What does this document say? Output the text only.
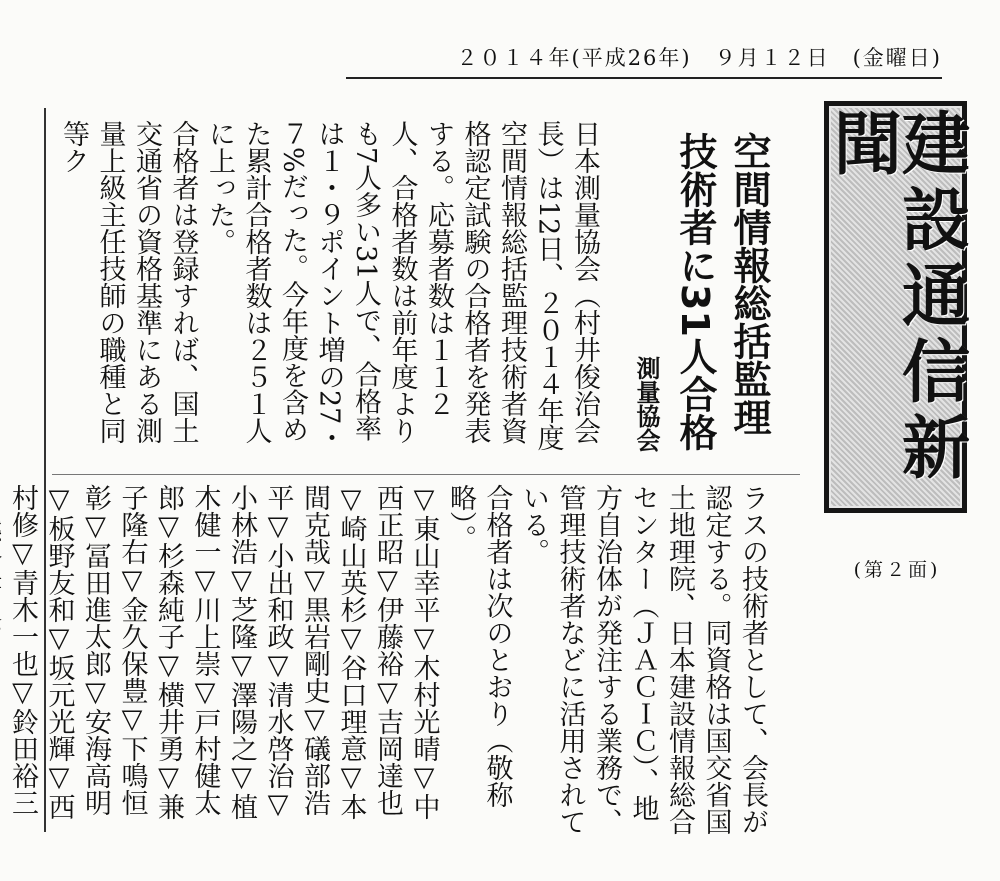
２０１４年(平成26年)　９月１２日　(金曜日)
建設通信新聞
(第２面)
空間情報総括監理
技術者に31人合格
測量協会

日本測量協会（村井俊治会長）は12日、２０１４年度空間情報総括監理技術者資格認定試験の合格者を発表する。応募者数は１１２人、合格者数は前年度よりも7人多い31人で、合格率は１・９ポイント増の27・７%だった。今年度を含めた累計合格者数は２５１人に上った。

合格者は登録すれば、国土交通省の資格基準にある測量上級主任技師の職種と同等ク

ラスの技術者として、会長が認定する。同資格は国交省国土地理院、日本建設情報総合センター（ＪＡＣＩＣ）、地方自治体が発注する業務で、管理技術者などに活用されている。

合格者は次のとおり（敬称略）。

▽東山幸平▽木村光晴▽中西正昭▽伊藤裕▽吉岡達也▽崎山英杉▽谷口理意▽本間克哉▽黒岩剛史▽礒部浩平▽小出和政▽清水啓治▽小林浩▽芝隆▽澤陽之▽植木健一▽川上崇▽戸村健太郎▽杉森純子▽横井勇▽兼子隆右▽金久保豊▽下鳴恒彰▽冨田進太郎▽安海高明▽板野友和▽坂元光輝▽西村修▽青木一也▽鈴田裕三
